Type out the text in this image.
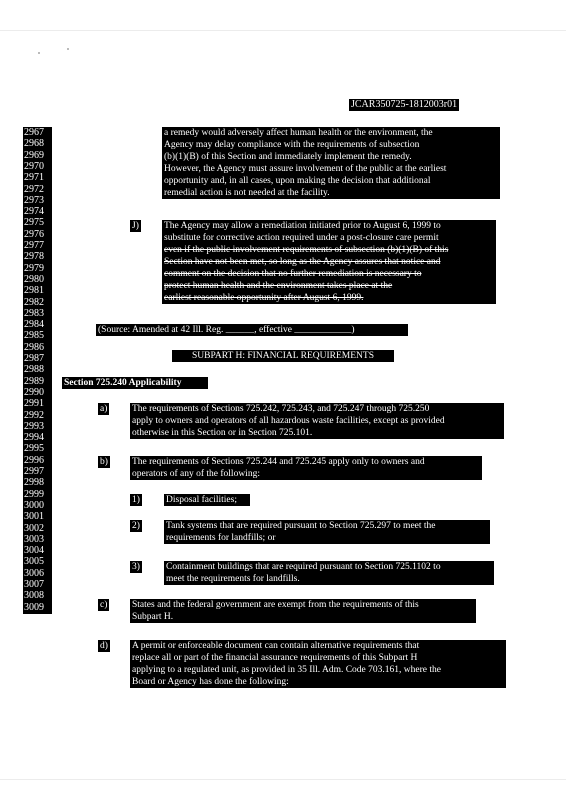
JCAR350725-1812003r01
2967
2968
2969
2970
2971
2972
2973
2974
2975
2976
2977
2978
2979
2980
2981
2982
2983
2984
2985
2986
2987
2988
2989
2990
2991
2992
2993
2994
2995
2996
2997
2998
2999
3000
3001
3002
3003
3004
3005
3006
3007
3008
3009
a remedy would adversely affect human health or the environment, the
Agency may delay compliance with the requirements of subsection
(b)(1)(B) of this Section and immediately implement the remedy.
However, the Agency must assure involvement of the public at the earliest
opportunity and, in all cases, upon making the decision that additional
remedial action is not needed at the facility.
J)	The Agency may allow a remediation initiated prior to August 6, 1999 to
substitute for corrective action required under a post-closure care permit
even if the public involvement requirements of subsection (b)(1)(B) of this
Section have not been met, so long as the Agency assures that notice and
comment on the decision that no further remediation is necessary to
protect human health and the environment takes place at the
earliest reasonable opportunity after August 6, 1999.
(Source: Amended at 42 Ill. Reg. ______, effective ____________)
SUBPART H: FINANCIAL REQUIREMENTS
Section 725.240 Applicability
a)	The requirements of Sections 725.242, 725.243, and 725.247 through 725.250
apply to owners and operators of all hazardous waste facilities, except as provided
otherwise in this Section or in Section 725.101.
b)	The requirements of Sections 725.244 and 725.245 apply only to owners and
operators of any of the following:
1)	Disposal facilities;
2)	Tank systems that are required pursuant to Section 725.297 to meet the
requirements for landfills; or
3)	Containment buildings that are required pursuant to Section 725.1102 to
meet the requirements for landfills.
c)	States and the federal government are exempt from the requirements of this
Subpart H.
d)	A permit or enforceable document can contain alternative requirements that
replace all or part of the financial assurance requirements of this Subpart H
applying to a regulated unit, as provided in 35 Ill. Adm. Code 703.161, where the
Board or Agency has done the following:
